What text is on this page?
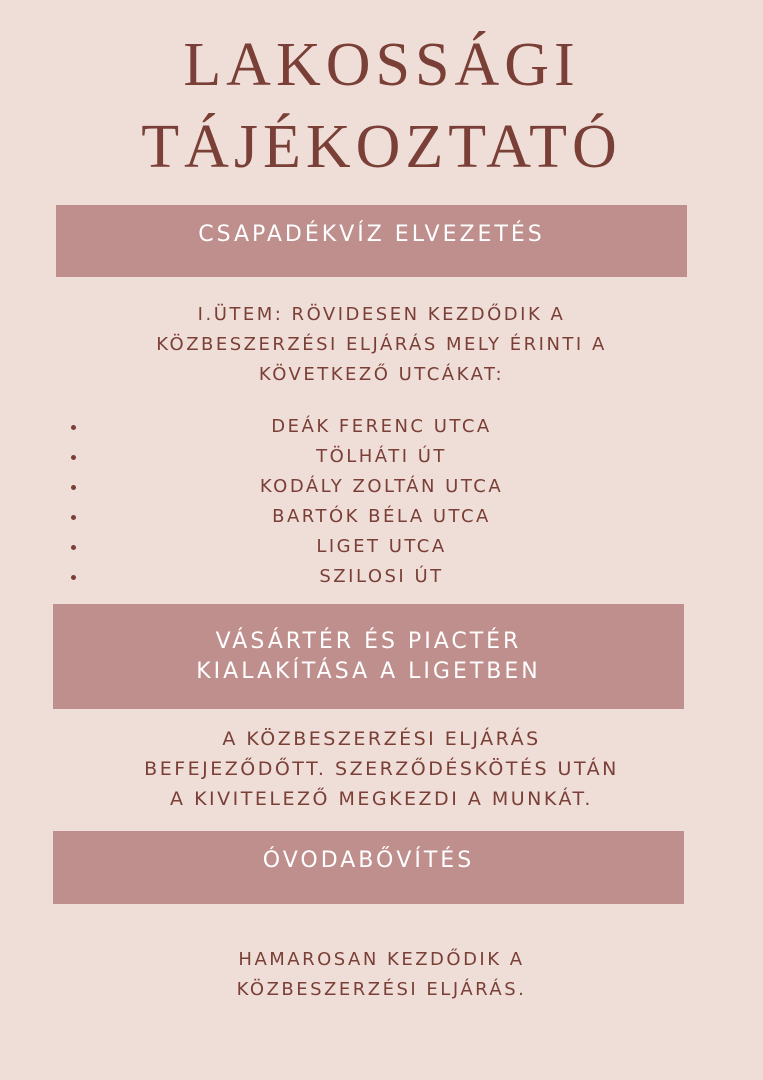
LAKOSSÁGI
TÁJÉKOZTATÓ
CSAPADÉKVÍZ ELVEZETÉS
I.ÜTEM: RÖVIDESEN KEZDŐDIK A
KÖZBESZERZÉSI ELJÁRÁS MELY ÉRINTI A
KÖVETKEZŐ UTCÁKAT:
DEÁK FERENC UTCA
TÖLHÁTI ÚT
KODÁLY ZOLTÁN UTCA
BARTÓK BÉLA UTCA
LIGET UTCA
SZILOSI ÚT
VÁSÁRTÉR ÉS PIACTÉR
KIALAKÍTÁSA A LIGETBEN
A KÖZBESZERZÉSI ELJÁRÁS
BEFEJEZŐDŐTT. SZERZŐDÉSKÖTÉS UTÁN
A KIVITELEZŐ MEGKEZDI A MUNKÁT.
ÓVODABŐVÍTÉS
HAMAROSAN KEZDŐDIK A
KÖZBESZERZÉSI ELJÁRÁS.
